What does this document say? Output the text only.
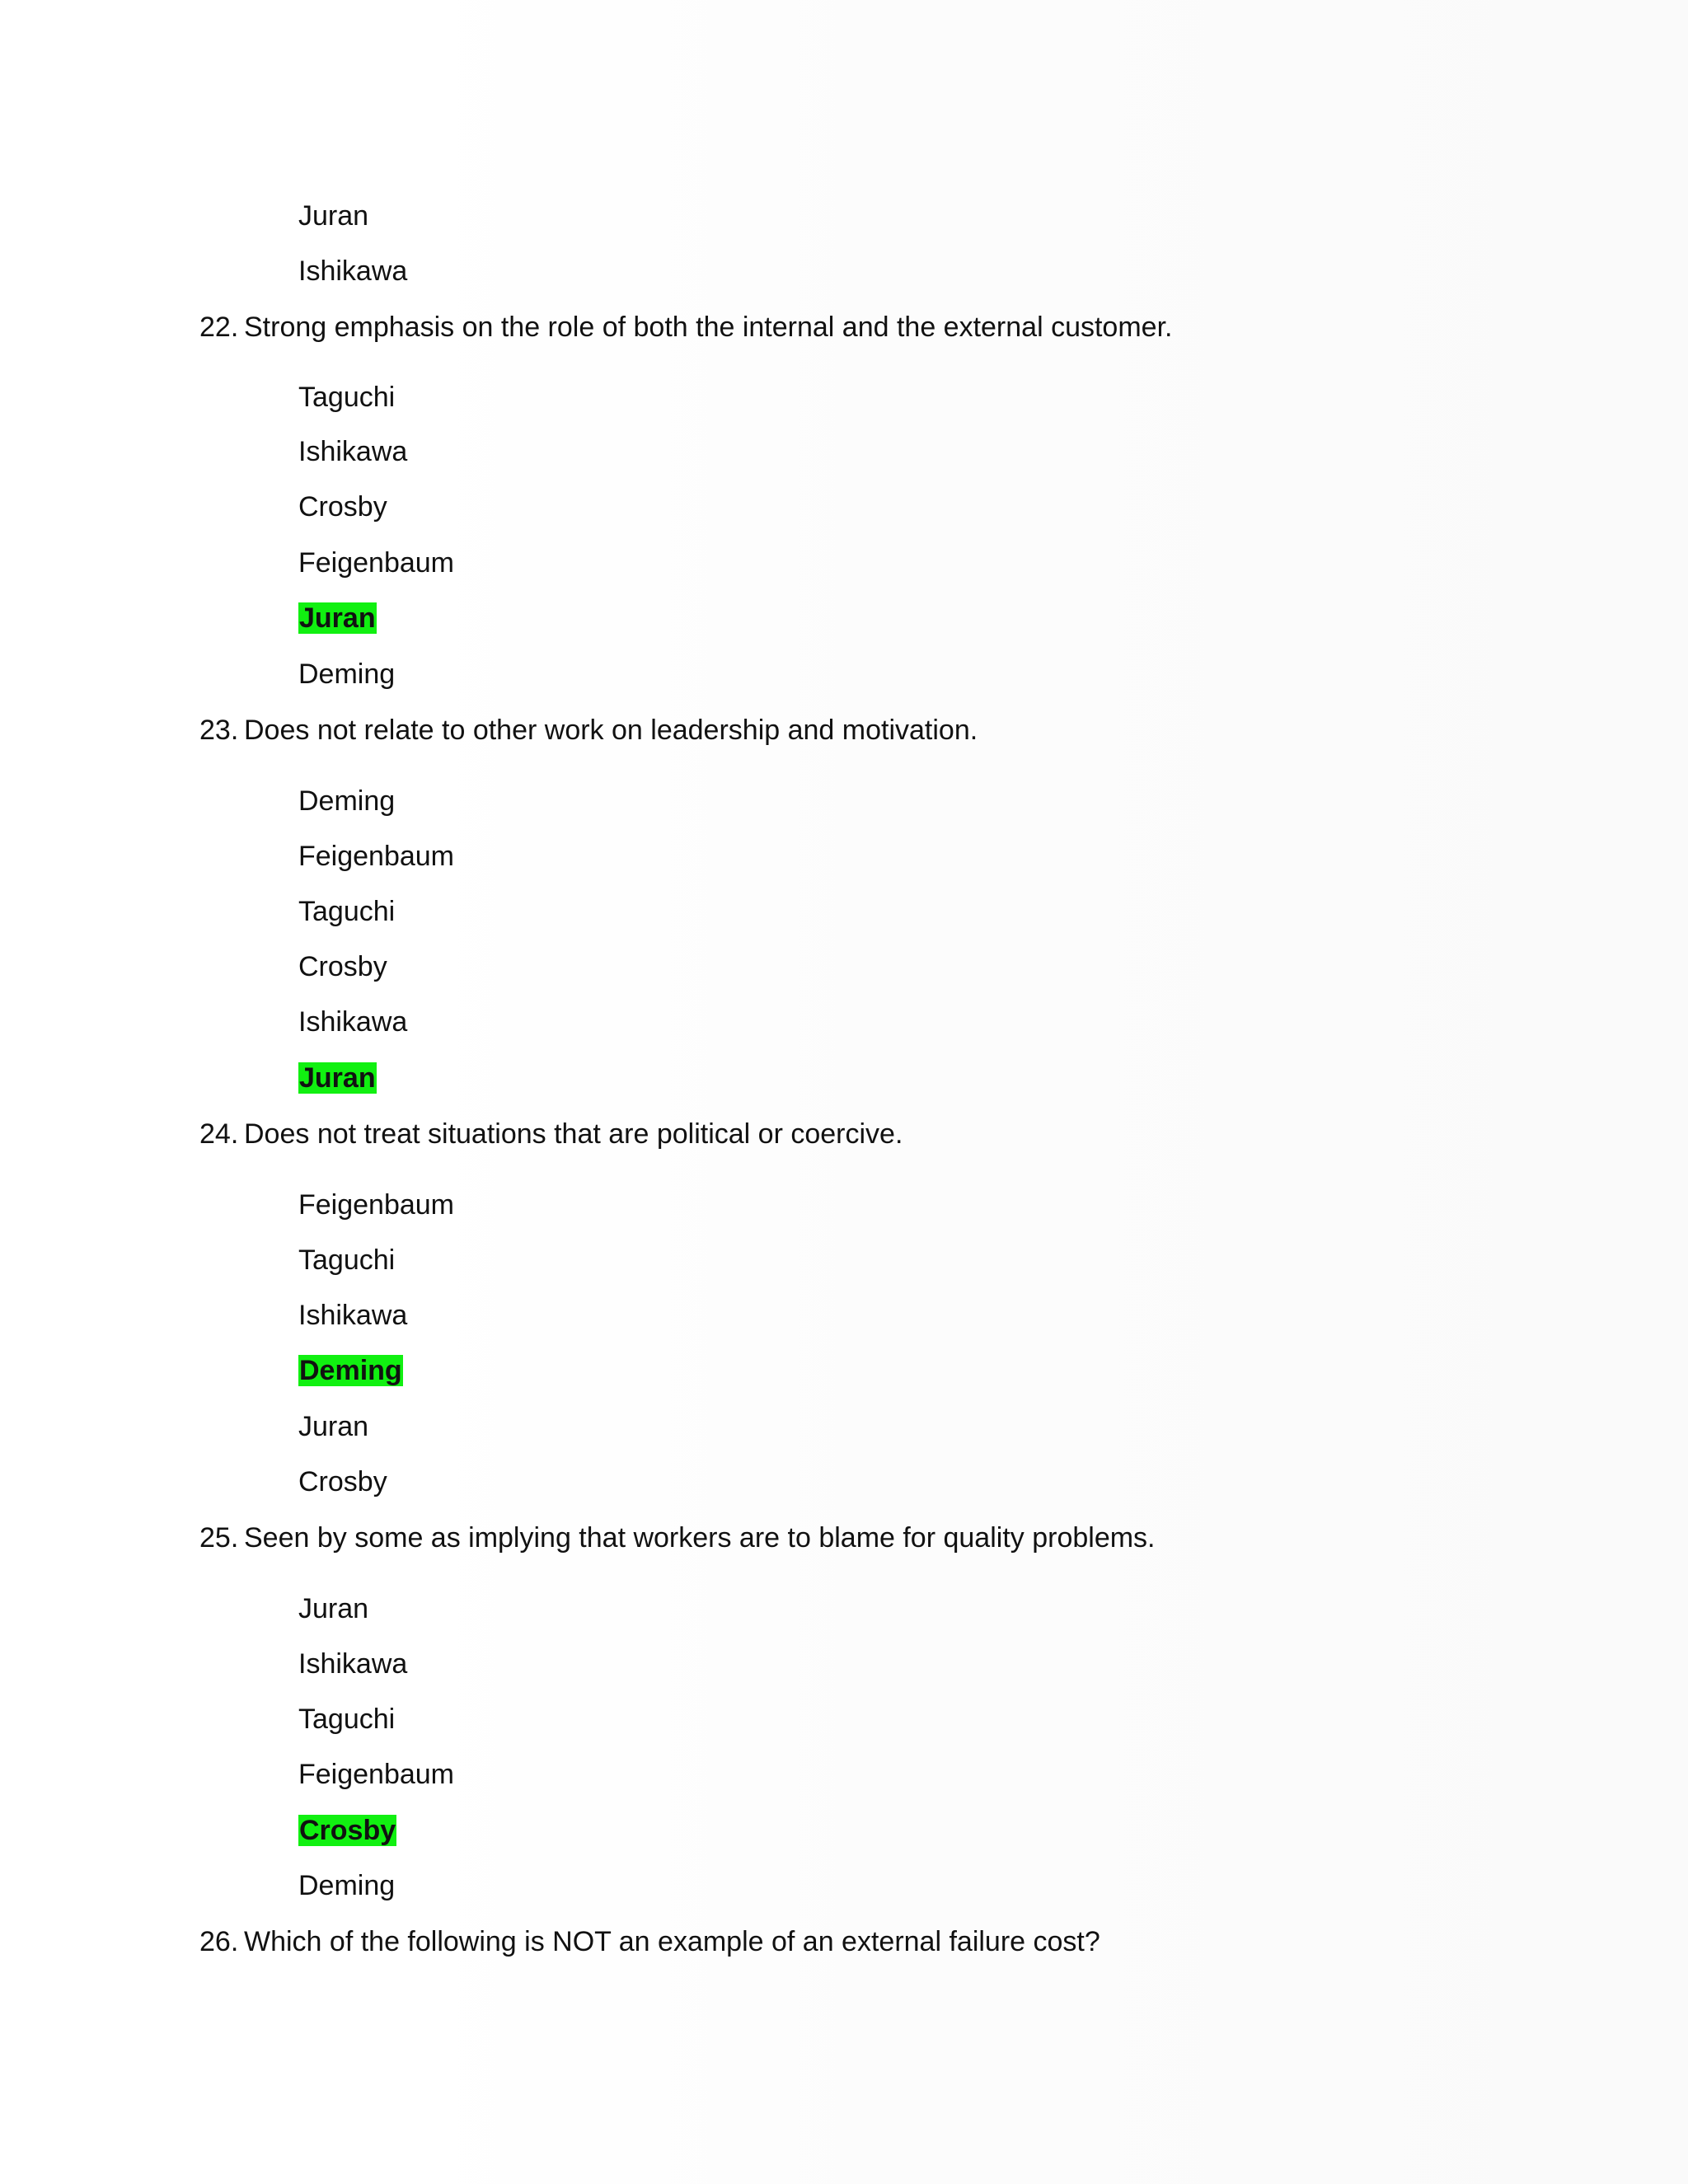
Juran
Ishikawa
22. Strong emphasis on the role of both the internal and the external customer.
Taguchi
Ishikawa
Crosby
Feigenbaum
Juran
Deming
23. Does not relate to other work on leadership and motivation.
Deming
Feigenbaum
Taguchi
Crosby
Ishikawa
Juran
24. Does not treat situations that are political or coercive.
Feigenbaum
Taguchi
Ishikawa
Deming
Juran
Crosby
25. Seen by some as implying that workers are to blame for quality problems.
Juran
Ishikawa
Taguchi
Feigenbaum
Crosby
Deming
26. Which of the following is NOT an example of an external failure cost?
